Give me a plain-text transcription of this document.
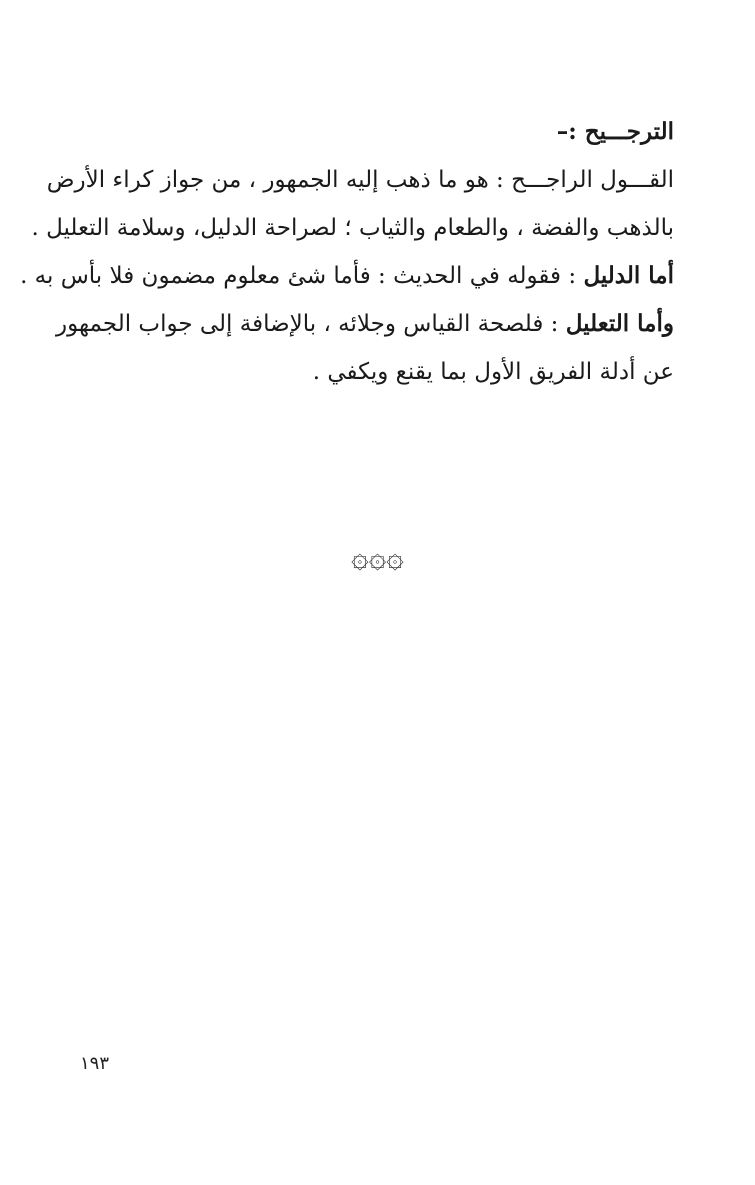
الترجـــيح :–
القـــول الراجـــح : هو ما ذهب إليه الجمهور ، من جواز كراء الأرض
بالذهب والفضة ، والطعام والثياب ؛ لصراحة الدليل، وسلامة التعليل .
أما الدليل : فقوله في الحديث : فأما شئ معلوم مضمون فلا بأس به .
وأما التعليل : فلصحة القياس وجلائه ، بالإضافة إلى جواب الجمهور
عن أدلة الفريق الأول بما يقنع ويكفي .
۞۞۞
١٩٣
